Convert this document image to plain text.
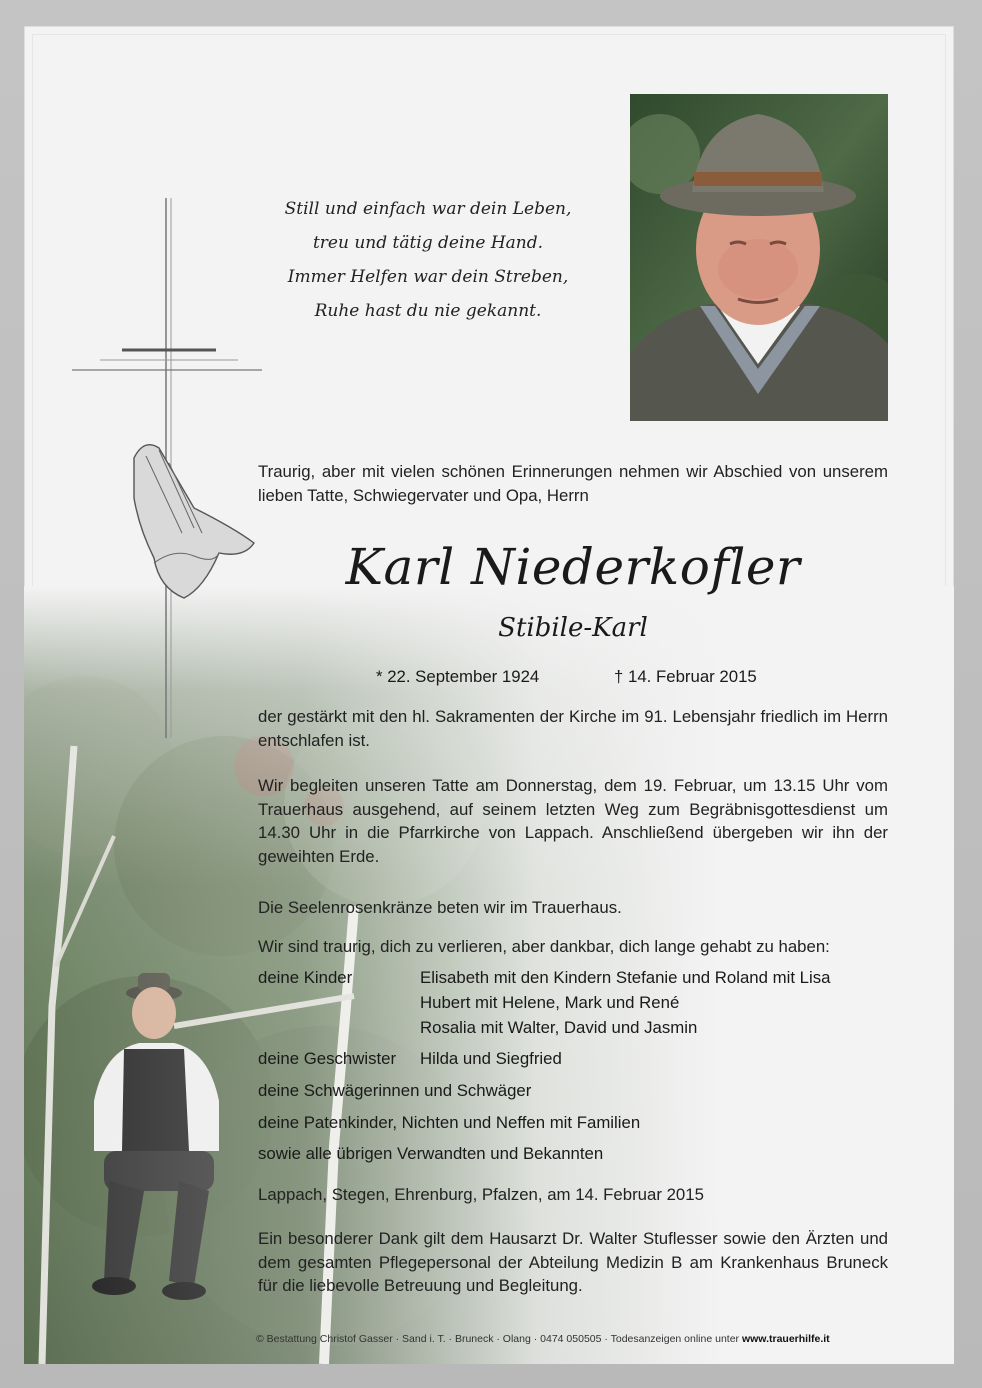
Still und einfach war dein Leben,
treu und tätig deine Hand.
Immer Helfen war dein Streben,
Ruhe hast du nie gekannt.
Traurig, aber mit vielen schönen Erinnerungen nehmen wir Abschied von unserem lieben Tatte, Schwiegervater und Opa, Herrn
Karl Niederkofler
Stibile-Karl
* 22. September 1924	† 14. Februar 2015
der gestärkt mit den hl. Sakramenten der Kirche im 91. Lebensjahr friedlich im Herrn entschlafen ist.
Wir begleiten unseren Tatte am Donnerstag, dem 19. Februar, um 13.15 Uhr vom Trauerhaus ausgehend, auf seinem letzten Weg zum Begräbnisgottesdienst um 14.30 Uhr in die Pfarrkirche von Lappach. Anschließend übergeben wir ihn der geweihten Erde.
Die Seelenrosenkränze beten wir im Trauerhaus.
Wir sind traurig, dich zu verlieren, aber dankbar, dich lange gehabt zu haben:
deine Kinder	Elisabeth mit den Kindern Stefanie und Roland mit Lisa
Hubert mit Helene, Mark und René
Rosalia mit Walter, David und Jasmin
deine Geschwister Hilda und Siegfried
deine Schwägerinnen und Schwäger
deine Patenkinder, Nichten und Neffen mit Familien
sowie alle übrigen Verwandten und Bekannten
Lappach, Stegen, Ehrenburg, Pfalzen, am 14. Februar 2015
Ein besonderer Dank gilt dem Hausarzt Dr. Walter Stuflesser sowie den Ärzten und dem gesamten Pflegepersonal der Abteilung Medizin B am Krankenhaus Bruneck für die liebevolle Betreuung und Begleitung.
© Bestattung Christof Gasser · Sand i. T. · Bruneck · Olang · 0474 050505 · Todesanzeigen online unter www.trauerhilfe.it
